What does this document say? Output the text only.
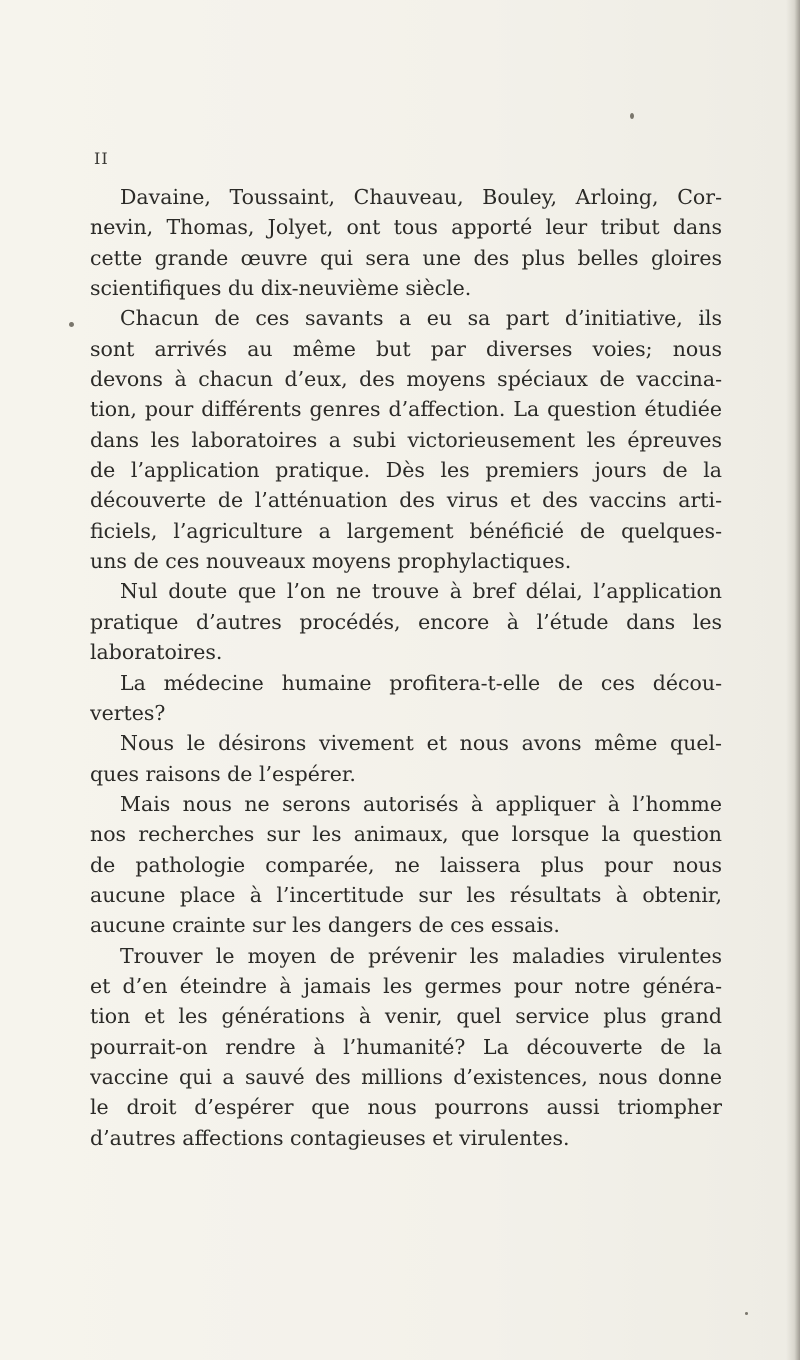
II
Davaine, Toussaint, Chauveau, Bouley, Arloing, Cor-
nevin, Thomas, Jolyet, ont tous apporté leur tribut dans
cette grande œuvre qui sera une des plus belles gloires
scientifiques du dix-neuvième siècle.
Chacun de ces savants a eu sa part d’initiative, ils
sont arrivés au même but par diverses voies; nous
devons à chacun d’eux, des moyens spéciaux de vaccina-
tion, pour différents genres d’affection. La question étudiée
dans les laboratoires a subi victorieusement les épreuves
de l’application pratique. Dès les premiers jours de la
découverte de l’atténuation des virus et des vaccins arti-
ficiels, l’agriculture a largement bénéficié de quelques-
uns de ces nouveaux moyens prophylactiques.
Nul doute que l’on ne trouve à bref délai, l’application
pratique d’autres procédés, encore à l’étude dans les
laboratoires.
La médecine humaine profitera-t-elle de ces décou-
vertes?
Nous le désirons vivement et nous avons même quel-
ques raisons de l’espérer.
Mais nous ne serons autorisés à appliquer à l’homme
nos recherches sur les animaux, que lorsque la question
de pathologie comparée, ne laissera plus pour nous
aucune place à l’incertitude sur les résultats à obtenir,
aucune crainte sur les dangers de ces essais.
Trouver le moyen de prévenir les maladies virulentes
et d’en éteindre à jamais les germes pour notre généra-
tion et les générations à venir, quel service plus grand
pourrait-on rendre à l’humanité? La découverte de la
vaccine qui a sauvé des millions d’existences, nous donne
le droit d’espérer que nous pourrons aussi triompher
d’autres affections contagieuses et virulentes.
